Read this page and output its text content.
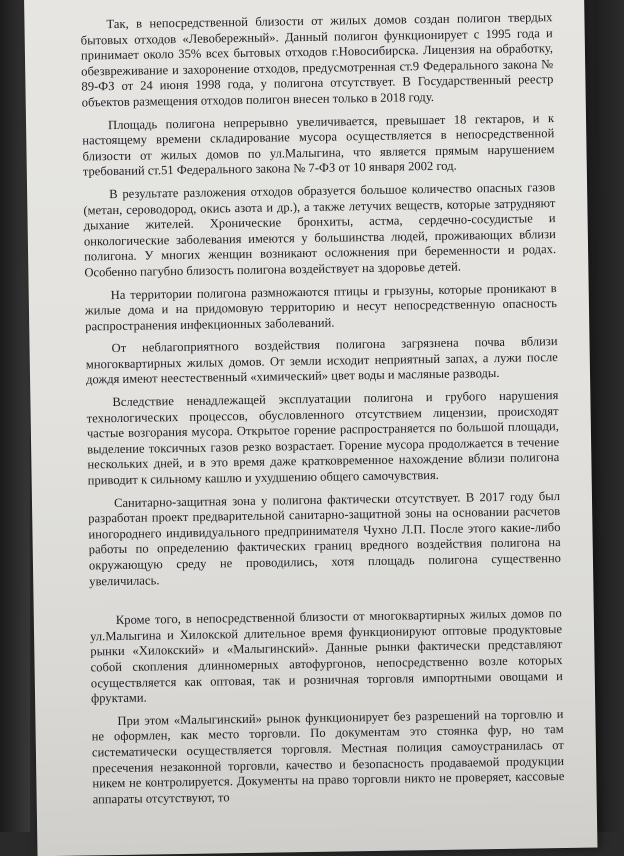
Так, в непосредственной близости от жилых домов создан полигон твердых бытовых отходов «Левобережный». Данный полигон функционирует с 1995 года и принимает около 35% всех бытовых отходов г.Новосибирска. Лицензия на обработку, обезвреживание и захоронение отходов, предусмотренная ст.9 Федерального закона № 89-ФЗ от 24 июня 1998 года, у полигона отсутствует. В Государственный реестр объектов размещения отходов полигон внесен только в 2018 году.

Площадь полигона непрерывно увеличивается, превышает 18 гектаров, и к настоящему времени складирование мусора осуществляется в непосредственной близости от жилых домов по ул.Малыгина, что является прямым нарушением требований ст.51 Федерального закона № 7-ФЗ от 10 января 2002 год.

В результате разложения отходов образуется большое количество опасных газов (метан, сероводород, окись азота и др.), а также летучих веществ, которые затрудняют дыхание жителей. Хронические бронхиты, астма, сердечно-сосудистые и онкологические заболевания имеются у большинства людей, проживающих вблизи полигона. У многих женщин возникают осложнения при беременности и родах. Особенно пагубно близость полигона воздействует на здоровье детей.

На территории полигона размножаются птицы и грызуны, которые проникают в жилые дома и на придомовую территорию и несут непосредственную опасность распространения инфекционных заболеваний.

От неблагоприятного воздействия полигона загрязнена почва вблизи многоквартирных жилых домов. От земли исходит неприятный запах, а лужи после дождя имеют неестественный «химический» цвет воды и масляные разводы.

Вследствие ненадлежащей эксплуатации полигона и грубого нарушения технологических процессов, обусловленного отсутствием лицензии, происходят частые возгорания мусора. Открытое горение распространяется по большой площади, выделение токсичных газов резко возрастает. Горение мусора продолжается в течение нескольких дней, и в это время даже кратковременное нахождение вблизи полигона приводит к сильному кашлю и ухудшению общего самочувствия.

Санитарно-защитная зона у полигона фактически отсутствует. В 2017 году был разработан проект предварительной санитарно-защитной зоны на основании расчетов иногороднего индивидуального предпринимателя Чухно Л.П. После этого какие-либо работы по определению фактических границ вредного воздействия полигона на окружающую среду не проводились, хотя площадь полигона существенно увеличилась.

Кроме того, в непосредственной близости от многоквартирных жилых домов по ул.Малыгина и Хилокской длительное время функционируют оптовые продуктовые рынки «Хилокский» и «Малыгинский». Данные рынки фактически представляют собой скопления длинномерных автофургонов, непосредственно возле которых осуществляется как оптовая, так и розничная торговля импортными овощами и фруктами.

При этом «Малыгинский» рынок функционирует без разрешений на торговлю и не оформлен, как место торговли. По документам это стоянка фур, но там систематически осуществляется торговля. Местная полиция самоустранилась от пресечения незаконной торговли, качество и безопасность продаваемой продукции никем не контролируется. Документы на право торговли никто не проверяет, кассовые аппараты отсутствуют, то
